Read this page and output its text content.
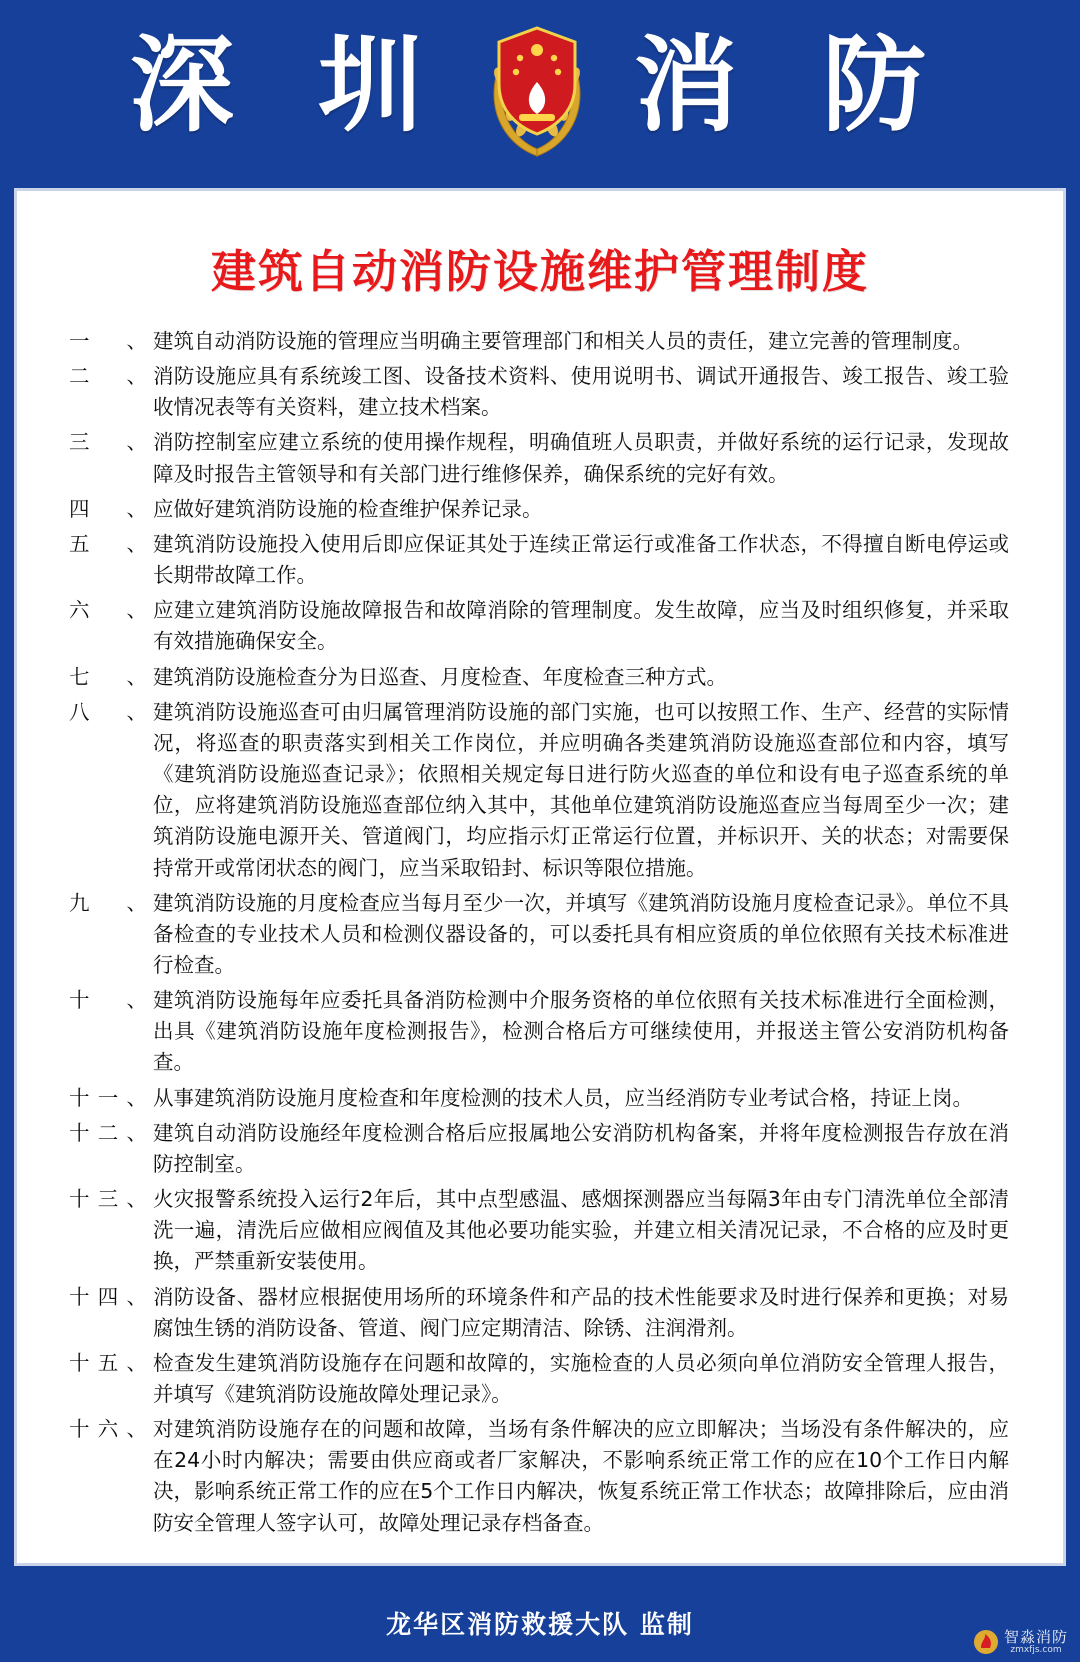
深 圳 消 防
建筑自动消防设施维护管理制度
一、 建筑自动消防设施的管理应当明确主要管理部门和相关人员的责任，建立完善的管理制度。
二、 消防设施应具有系统竣工图、设备技术资料、使用说明书、调试开通报告、竣工报告、竣工验收情况表等有关资料，建立技术档案。
三、 消防控制室应建立系统的使用操作规程，明确值班人员职责，并做好系统的运行记录，发现故障及时报告主管领导和有关部门进行维修保养，确保系统的完好有效。
四、 应做好建筑消防设施的检查维护保养记录。
五、 建筑消防设施投入使用后即应保证其处于连续正常运行或准备工作状态，不得擅自断电停运或长期带故障工作。
六、 应建立建筑消防设施故障报告和故障消除的管理制度。发生故障，应当及时组织修复，并采取有效措施确保安全。
七、 建筑消防设施检查分为日巡查、月度检查、年度检查三种方式。
八、 建筑消防设施巡查可由归属管理消防设施的部门实施，也可以按照工作、生产、经营的实际情况，将巡查的职责落实到相关工作岗位，并应明确各类建筑消防设施巡查部位和内容，填写《建筑消防设施巡查记录》；依照相关规定每日进行防火巡查的单位和设有电子巡查系统的单位，应将建筑消防设施巡查部位纳入其中，其他单位建筑消防设施巡查应当每周至少一次；建筑消防设施电源开关、管道阀门，均应指示灯正常运行位置，并标识开、关的状态；对需要保持常开或常闭状态的阀门，应当采取铅封、标识等限位措施。
九、 建筑消防设施的月度检查应当每月至少一次，并填写《建筑消防设施月度检查记录》。单位不具备检查的专业技术人员和检测仪器设备的，可以委托具有相应资质的单位依照有关技术标准进行检查。
十、 建筑消防设施每年应委托具备消防检测中介服务资格的单位依照有关技术标准进行全面检测，出具《建筑消防设施年度检测报告》，检测合格后方可继续使用，并报送主管公安消防机构备查。
十一、 从事建筑消防设施月度检查和年度检测的技术人员，应当经消防专业考试合格，持证上岗。
十二、 建筑自动消防设施经年度检测合格后应报属地公安消防机构备案，并将年度检测报告存放在消防控制室。
十三、 火灾报警系统投入运行2年后，其中点型感温、感烟探测器应当每隔3年由专门清洗单位全部清洗一遍，清洗后应做相应阀值及其他必要功能实验，并建立相关清况记录，不合格的应及时更换，严禁重新安装使用。
十四、 消防设备、器材应根据使用场所的环境条件和产品的技术性能要求及时进行保养和更换；对易腐蚀生锈的消防设备、管道、阀门应定期清洁、除锈、注润滑剂。
十五、 检查发生建筑消防设施存在问题和故障的，实施检查的人员必须向单位消防安全管理人报告，并填写《建筑消防设施故障处理记录》。
十六、 对建筑消防设施存在的问题和故障，当场有条件解决的应立即解决；当场没有条件解决的，应在24小时内解决；需要由供应商或者厂家解决，不影响系统正常工作的应在10个工作日内解决，影响系统正常工作的应在5个工作日内解决，恢复系统正常工作状态；故障排除后，应由消防安全管理人签字认可，故障处理记录存档备查。
龙华区消防救援大队 监制	智淼消防
zmxfjs.com
